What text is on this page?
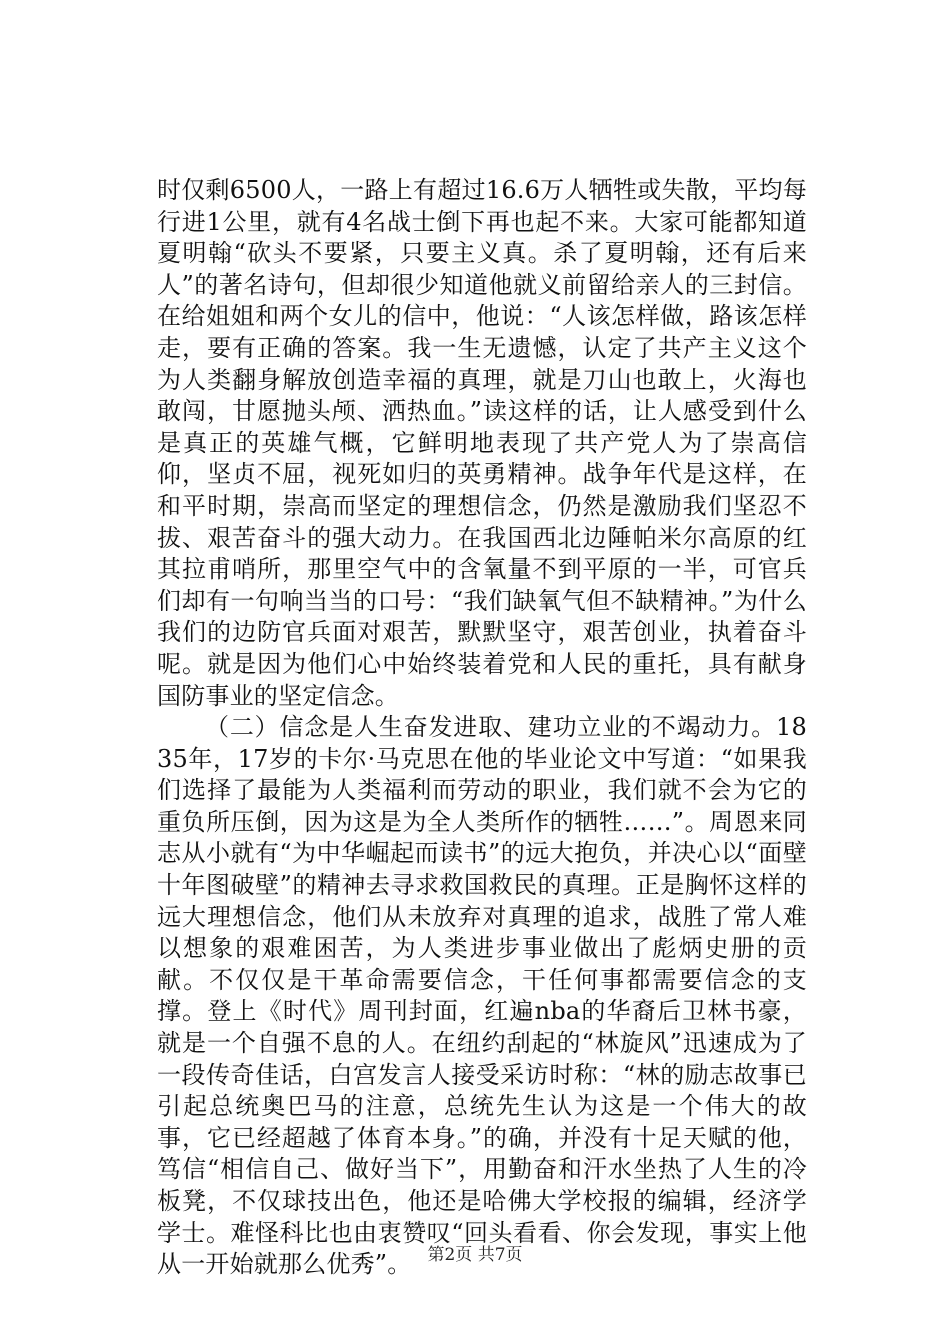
时仅剩6500人，一路上有超过16.6万人牺牲或失散，平均每行进1公里，就有4名战士倒下再也起不来。大家可能都知道夏明翰“砍头不要紧，只要主义真。杀了夏明翰，还有后来人”的著名诗句，但却很少知道他就义前留给亲人的三封信。在给姐姐和两个女儿的信中，他说：“人该怎样做，路该怎样走，要有正确的答案。我一生无遗憾，认定了共产主义这个为人类翻身解放创造幸福的真理，就是刀山也敢上，火海也敢闯，甘愿抛头颅、洒热血。”读这样的话，让人感受到什么是真正的英雄气概，它鲜明地表现了共产党人为了崇高信仰，坚贞不屈，视死如归的英勇精神。战争年代是这样，在和平时期，崇高而坚定的理想信念，仍然是激励我们坚忍不拔、艰苦奋斗的强大动力。在我国西北边陲帕米尔高原的红其拉甫哨所，那里空气中的含氧量不到平原的一半，可官兵们却有一句响当当的口号：“我们缺氧气但不缺精神。”为什么我们的边防官兵面对艰苦，默默坚守，艰苦创业，执着奋斗呢。就是因为他们心中始终装着党和人民的重托，具有献身国防事业的坚定信念。

（二）信念是人生奋发进取、建功立业的不竭动力。1835年，17岁的卡尔·马克思在他的毕业论文中写道：“如果我们选择了最能为人类福利而劳动的职业，我们就不会为它的重负所压倒，因为这是为全人类所作的牺牲……”。周恩来同志从小就有“为中华崛起而读书”的远大抱负，并决心以“面壁十年图破壁”的精神去寻求救国救民的真理。正是胸怀这样的远大理想信念，他们从未放弃对真理的追求，战胜了常人难以想象的艰难困苦，为人类进步事业做出了彪炳史册的贡献。不仅仅是干革命需要信念，干任何事都需要信念的支撑。登上《时代》周刊封面，红遍nba的华裔后卫林书豪，就是一个自强不息的人。在纽约刮起的“林旋风”迅速成为了一段传奇佳话，白宫发言人接受采访时称：“林的励志故事已引起总统奥巴马的注意，总统先生认为这是一个伟大的故事，它已经超越了体育本身。”的确，并没有十足天赋的他，笃信“相信自己、做好当下”，用勤奋和汗水坐热了人生的冷板凳，不仅球技出色，他还是哈佛大学校报的编辑，经济学学士。难怪科比也由衷赞叹“回头看看、你会发现，事实上他从一开始就那么优秀”。 第2页 共7页
